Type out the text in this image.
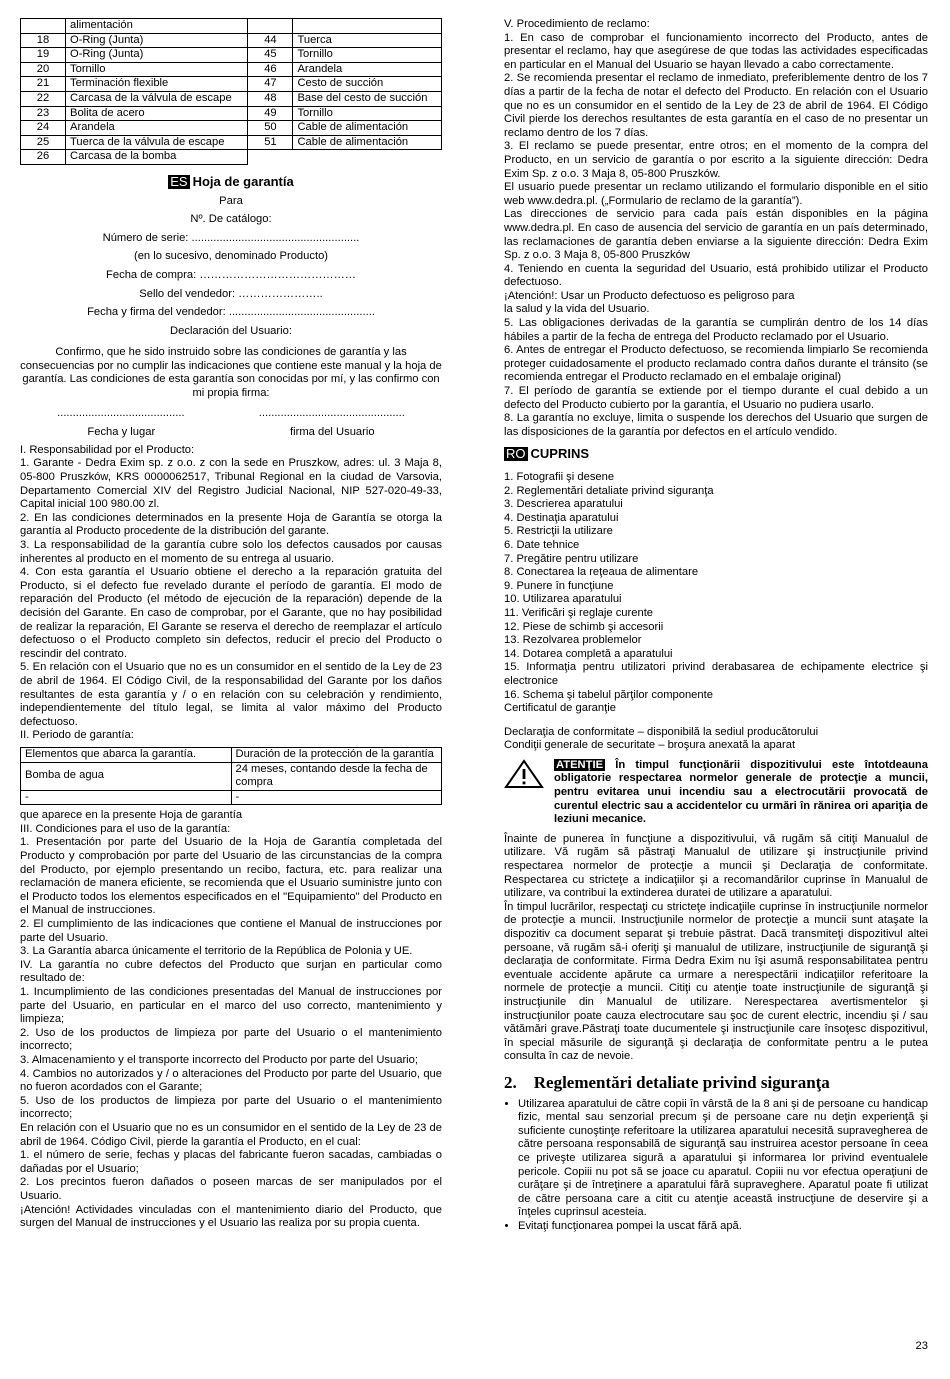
	alimentación		
18	O-Ring (Junta)	44	Tuerca
19	O-Ring (Junta)	45	Tornillo
20	Tornillo	46	Arandela
21	Terminación flexible	47	Cesto de succión
22	Carcasa de la válvula de escape	48	Base del cesto de succión
23	Bolita de acero	49	Tornillo
24	Arandela	50	Cable de alimentación
25	Tuerca de la válvula de escape	51	Cable de alimentación
26	Carcasa de la bomba		
ES Hoja de garantía

Para

Nº. De catálogo:

Número de serie: ......................................................

(en lo sucesivo, denominado Producto)

Fecha de compra: ……………………………………

Sello del vendedor: …………………..

Fecha y firma del vendedor: ...............................................

Declaración del Usuario:

Confirmo, que he sido instruido sobre las condiciones de garantía y las consecuencias por no cumplir las indicaciones que contiene este manual y la hoja de garantía. Las condiciones de esta garantía son conocidas por mí, y las confirmo con mi propia firma:

.........................................	...............................................
Fecha y lugar	firma del Usuario

I. Responsabilidad por el Producto:

1. Garante - Dedra Exim sp. z o.o. z con la sede en Pruszkow, adres: ul. 3 Maja 8, 05-800 Pruszków, KRS 0000062517, Tribunal Regional en la ciudad de Varsovia, Departamento Comercial XIV del Registro Judicial Nacional, NIP 527-020-49-33, Capital inicial 100 980.00 zl.

2. En las condiciones determinados en la presente Hoja de Garantía se otorga la garantía al Producto procedente de la distribución del garante.

3. La responsabilidad de la garantía cubre solo los defectos causados por causas inherentes al producto en el momento de su entrega al usuario.

4. Con esta garantía el Usuario obtiene el derecho a la reparación gratuita del Producto, si el defecto fue revelado durante el período de garantía. El modo de reparación del Producto (el método de ejecución de la reparación) depende de la decisión del Garante. En caso de comprobar, por el Garante, que no hay posibilidad de realizar la reparación, El Garante se reserva el derecho de reemplazar el artículo defectuoso o el Producto completo sin defectos, reducir el precio del Producto o rescindir del contrato.

5. En relación con el Usuario que no es un consumidor en el sentido de la Ley de 23 de abril de 1964. El Código Civil, de la responsabilidad del Garante por los daños resultantes de esta garantía y / o en relación con su celebración y rendimiento, independientemente del título legal, se limita al valor máximo del Producto defectuoso.

II. Periodo de garantía:

Elementos que abarca la garantía.	Duración de la protección de la garantía
Bomba de agua	24 meses, contando desde la fecha de compra
-	-

que aparece en la presente Hoja de garantía

III. Condiciones para el uso de la garantía:

1. Presentación por parte del Usuario de la Hoja de Garantía completada del Producto y comprobación por parte del Usuario de las circunstancias de la compra del Producto, por ejemplo presentando un recibo, factura, etc. para realizar una reclamación de manera eficiente, se recomienda que el Usuario suministre junto con el Producto todos los elementos especificados en el "Equipamiento" del Producto en el Manual de instrucciones.

2. El cumplimiento de las indicaciones que contiene el Manual de instrucciones por parte del Usuario.

3. La Garantía abarca únicamente el territorio de la República de Polonia y UE.

IV. La garantía no cubre defectos del Producto que surjan en particular como resultado de:

1. Incumplimiento de las condiciones presentadas del Manual de instrucciones por parte del Usuario, en particular en el marco del uso correcto, mantenimiento y limpieza;

2. Uso de los productos de limpieza por parte del Usuario o el mantenimiento incorrecto;

3. Almacenamiento y el transporte incorrecto del Producto por parte del Usuario;

4. Cambios no autorizados y / o alteraciones del Producto por parte del Usuario, que no fueron acordados con el Garante;

5. Uso de los productos de limpieza por parte del Usuario o el mantenimiento incorrecto;

En relación con el Usuario que no es un consumidor en el sentido de la Ley de 23 de abril de 1964. Código Civil, pierde la garantía el Producto, en el cual:

1. el número de serie, fechas y placas del fabricante fueron sacadas, cambiadas o dañadas por el Usuario;

2. Los precintos fueron dañados o poseen marcas de ser manipulados por el Usuario.

¡Atención! Actividades vinculadas con el mantenimiento diario del Producto, que surgen del Manual de instrucciones y el Usuario las realiza por su propia cuenta.

V. Procedimiento de reclamo:

1. En caso de comprobar el funcionamiento incorrecto del Producto, antes de presentar el reclamo, hay que asegúrese de que todas las actividades especificadas en particular en el Manual del Usuario se hayan llevado a cabo correctamente.

2. Se recomienda presentar el reclamo de inmediato, preferiblemente dentro de los 7 días a partir de la fecha de notar el defecto del Producto. En relación con el Usuario que no es un consumidor en el sentido de la Ley de 23 de abril de 1964. El Código Civil pierde los derechos resultantes de esta garantía en el caso de no presentar un reclamo dentro de los 7 días.

3. El reclamo se puede presentar, entre otros; en el momento de la compra del Producto, en un servicio de garantía o por escrito a la siguiente dirección: Dedra Exim Sp. z o.o. 3 Maja 8, 05-800 Pruszków.

El usuario puede presentar un reclamo utilizando el formulario disponible en el sitio web www.dedra.pl. („Formulario de reclamo de la garantía”).

Las direcciones de servicio para cada país están disponibles en la página www.dedra.pl. En caso de ausencia del servicio de garantía en un país determinado, las reclamaciones de garantía deben enviarse a la siguiente dirección: Dedra Exim Sp. z o.o. 3 Maja 8, 05-800 Pruszków

4. Teniendo en cuenta la seguridad del Usuario, está prohibido utilizar el Producto defectuoso.

¡Atención!: Usar un Producto defectuoso es peligroso para

la salud y la vida del Usuario.

5. Las obligaciones derivadas de la garantía se cumplirán dentro de los 14 días hábiles a partir de la fecha de entrega del Producto reclamado por el Usuario.

6. Antes de entregar el Producto defectuoso, se recomienda limpiarlo Se recomienda proteger cuidadosamente el producto reclamado contra daños durante el tránsito (se recomienda entregar el Producto reclamado en el embalaje original)

7. El período de garantía se extiende por el tiempo durante el cual debido a un defecto del Producto cubierto por la garantía, el Usuario no pudiera usarlo.

8. La garantía no excluye, limita o suspende los derechos del Usuario que surgen de las disposiciones de la garantía por defectos en el artículo vendido.

RO CUPRINS

1. Fotografii şi desene

2. Reglementări detaliate privind siguranţa

3. Descrierea aparatului

4. Destinaţia aparatului

5. Restricţii la utilizare

6. Date tehnice

7. Pregătire pentru utilizare

8. Conectarea la reţeaua de alimentare

9. Punere în funcţiune

10. Utilizarea aparatului

11. Verificări şi reglaje curente

12. Piese de schimb şi accesorii

13. Rezolvarea problemelor

14. Dotarea completă a aparatului

15. Informaţia pentru utilizatori privind derabasarea de echipamente electrice şi electronice

16. Schema şi tabelul părţilor componente

Certificatul de garanţie

Declaraţia de conformitate – disponibilă la sediul producătorului

Condiţii generale de securitate – broşura anexată la aparat

ATENŢIE În timpul funcţionării dispozitivului este întotdeauna obligatorie respectarea normelor generale de protecţie a muncii, pentru evitarea unui incendiu sau a electrocutării provocată de curentul electric sau a accidentelor cu urmări în rănirea ori apariţia de leziuni mecanice.

Înainte de punerea în funcţiune a dispozitivului, vă rugăm să citiţi Manualul de utilizare. Vă rugăm să păstraţi Manualul de utilizare şi instrucţiunile privind respectarea normelor de protecţie a muncii şi Declaraţia de conformitate. Respectarea cu stricteţe a indicaţiilor şi a recomandărilor cuprinse în Manualul de utilizare, va contribui la extinderea duratei de utilizare a aparatului.

În timpul lucrărilor, respectaţi cu stricteţe indicaţiile cuprinse în instrucţiunile normelor de protecţie a muncii. Instrucţiunile normelor de protecţie a muncii sunt ataşate la dispozitiv ca document separat şi trebuie păstrat. Dacă transmiteţi dispozitivul altei persoane, vă rugăm să-i oferiţi şi manualul de utilizare, instrucţiunile de siguranţă şi declaraţia de conformitate. Firma Dedra Exim nu îşi asumă responsabilitatea pentru eventuale accidente apărute ca urmare a nerespectării indicaţiilor referitoare la normele de protecţie a muncii. Citiţi cu atenţie toate instrucţiunile de siguranţă şi instrucţiunile din Manualul de utilizare. Nerespectarea avertismentelor şi instrucţiunilor poate cauza electrocutare sau şoc de curent electric, incendiu şi / sau vătămări grave.Păstraţi toate ducumentele şi instrucţiunile care însoţesc dispozitivul, în special măsurile de siguranţă şi declaraţia de conformitate pentru a le putea consulta în caz de nevoie.

2. Reglementări detaliate privind siguranţa
• Utilizarea aparatului de către copii în vârstă de la 8 ani şi de persoane cu handicap fizic, mental sau senzorial precum şi de persoane care nu deţin experienţă şi suficiente cunoştinţe referitoare la utilizarea aparatului necesită supravegherea de către persoana responsabilă de siguranţă sau instruirea acestor persoane în ceea ce priveşte utilizarea sigură a aparatului şi informarea lor privind eventualele pericole. Copiii nu pot să se joace cu aparatul. Copiii nu vor efectua operaţiuni de curăţare şi de întreţinere a aparatului fără supraveghere. Aparatul poate fi utilizat de către persoana care a citit cu atenţie această instrucţiune de deservire şi a înţeles cuprinsul acesteia.
• Evitaţi funcţionarea pompei la uscat fără apă.
23
